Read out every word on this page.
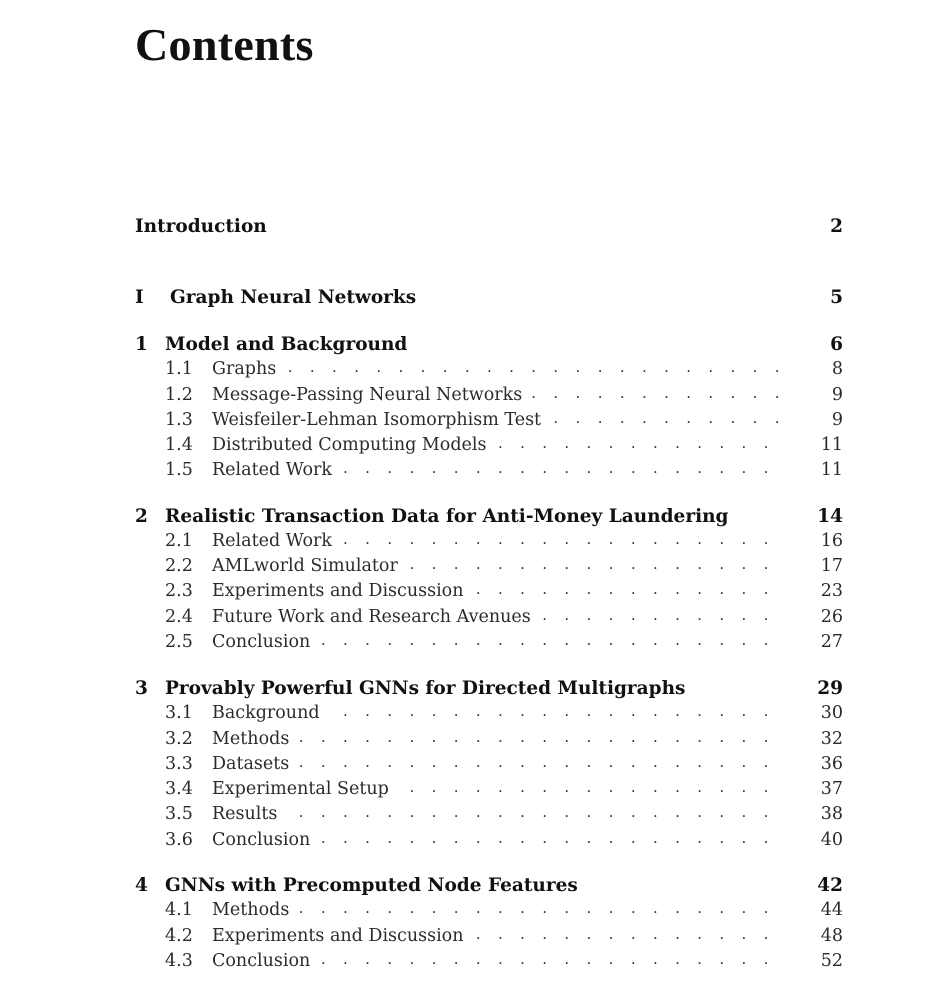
Contents
Introduction	2
I	Graph Neural Networks	5
1 Model and Background	6
1.1	Graphs . . .	8
1.2	Message-Passing Neural Networks . . .	9
1.3	Weisfeiler-Lehman Isomorphism Test . . .	9
1.4	Distributed Computing Models . . .	11
1.5	Related Work . . .	11
2 Realistic Transaction Data for Anti-Money Laundering	14
2.1	Related Work . . .	16
2.2	AMLworld Simulator . . .	17
2.3	Experiments and Discussion . . .	23
2.4	Future Work and Research Avenues . . .	26
2.5	Conclusion . . .	27
3 Provably Powerful GNNs for Directed Multigraphs	29
3.1	Background . . .	30
3.2	Methods . . .	32
3.3	Datasets . . .	36
3.4	Experimental Setup . . .	37
3.5	Results . . .	38
3.6	Conclusion . . .	40
4 GNNs with Precomputed Node Features	42
4.1	Methods . . .	44
4.2	Experiments and Discussion . . .	48
4.3	Conclusion . . .	52
